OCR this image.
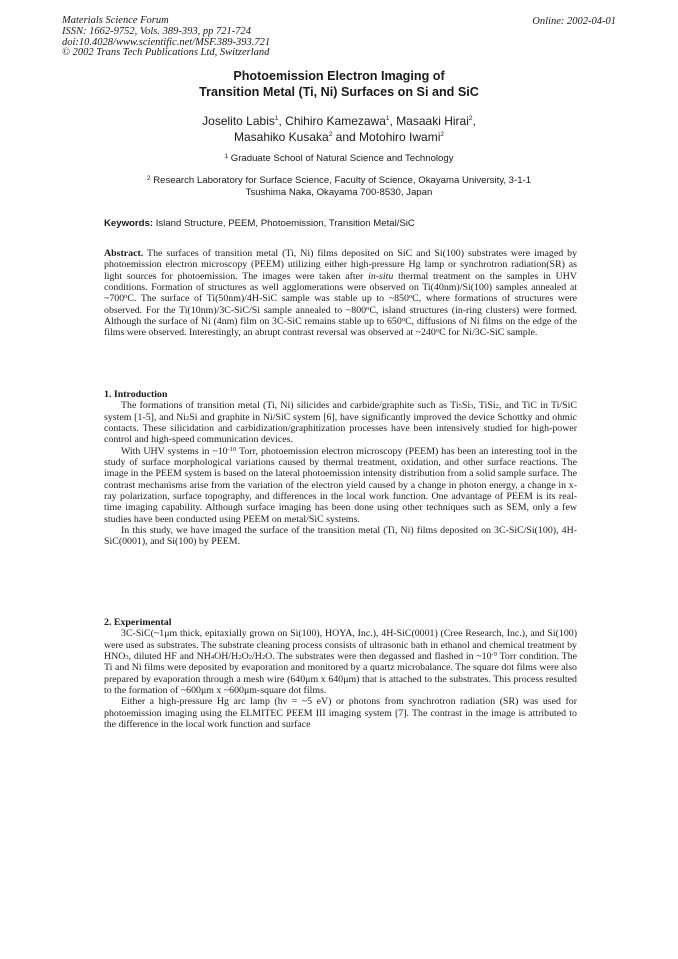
Materials Science Forum
ISSN: 1662-9752, Vols. 389-393, pp 721-724
doi:10.4028/www.scientific.net/MSF.389-393.721
© 2002 Trans Tech Publications Ltd, Switzerland
Online: 2002-04-01
Photoemission Electron Imaging of
Transition Metal (Ti, Ni) Surfaces on Si and SiC
Joselito Labis$^1$, Chihiro Kamezawa$^1$, Masaaki Hirai$^2$,
Masahiko Kusaka$^2$ and Motohiro Iwami$^2$
$^1$ Graduate School of Natural Science and Technology
$^2$ Research Laboratory for Surface Science, Faculty of Science, Okayama University, 3-1-1
Tsushima Naka, Okayama 700-8530, Japan
Keywords: Island Structure, PEEM, Photoemission, Transition Metal/SiC

Abstract. The surfaces of transition metal (Ti, Ni) films deposited on SiC and Si(100) substrates were imaged by photoemission electron microscopy (PEEM) utilizing either high-pressure Hg lamp or synchrotron radiation(SR) as light sources for photoemission. The images were taken after in-situ thermal treatment on the samples in UHV conditions. Formation of structures as well agglomerations were observed on Ti(40nm)/Si(100) samples annealed at ~700$^o$C. The surface of Ti(50nm)/4H-SiC sample was stable up to ~850$^o$C, where formations of structures were observed. For the Ti(10nm)/3C-SiC/Si sample annealed to ~800$^o$C, island structures (in-ring clusters) were formed. Although the surface of Ni (4nm) film on 3C-SiC remains stable up to 650$^o$C, diffusions of Ni films on the edge of the films were observed. Interestingly, an abrupt contrast reversal was observed at ~240$^o$C for Ni/3C-SiC sample.

1. Introduction

The formations of transition metal (Ti, Ni) silicides and carbide/graphite such as $Ti_5Si_3$, TiSi$_2$, and TiC in Ti/SiC system [1-5], and $Ni_2Si$ and graphite in Ni/SiC system [6], have significantly improved the device Schottky and ohmic contacts. These silicidation and carbidization/graphitization processes have been intensively studied for high-power control and high-speed communication devices.

With UHV systems in $\sim 10^{-10}$ Torr, photoemission electron microscopy (PEEM) has been an interesting tool in the study of surface morphological variations caused by thermal treatment, oxidation, and other surface reactions. The image in the PEEM system is based on the lateral photoemission intensity distribution from a solid sample surface. The contrast mechanisms arise from the variation of the electron yield caused by a change in photon energy, a change in x-ray polarization, surface topography, and differences in the local work function. One advantage of PEEM is its real-time imaging capability. Although surface imaging has been done using other techniques such as SEM, only a few studies have been conducted using PEEM on metal/SiC systems.

In this study, we have imaged the surface of the transition metal (Ti, Ni) films deposited on 3C-SiC/Si(100), 4H-SiC(0001), and Si(100) by PEEM.

2. Experimental

3C-SiC(~1μm thick, epitaxially grown on Si(100), HOYA, Inc.), 4H-SiC(0001) (Cree Research, Inc.), and Si(100) were used as substrates. The substrate cleaning process consists of ultrasonic bath in ethanol and chemical treatment by $HNO_3$, diluted HF and $NH_4OH/H_2O_2/H_2O$. The substrates were then degassed and flashed in $\sim 10^{-9}$ Torr condition. The Ti and Ni films were deposited by evaporation and monitored by a quartz microbalance. The square dot films were also prepared by evaporation through a mesh wire (640μm x 640μm) that is attached to the substrates. This process resulted to the formation of ~600μm x ~600μm-square dot films.

Either a high-pressure Hg arc lamp (hν = ~5 eV) or photons from synchrotron radiation (SR) was used for photoemission imaging using the ELMITEC PEEM III imaging system [7]. The contrast in the image is attributed to the difference in the local work function and surface
